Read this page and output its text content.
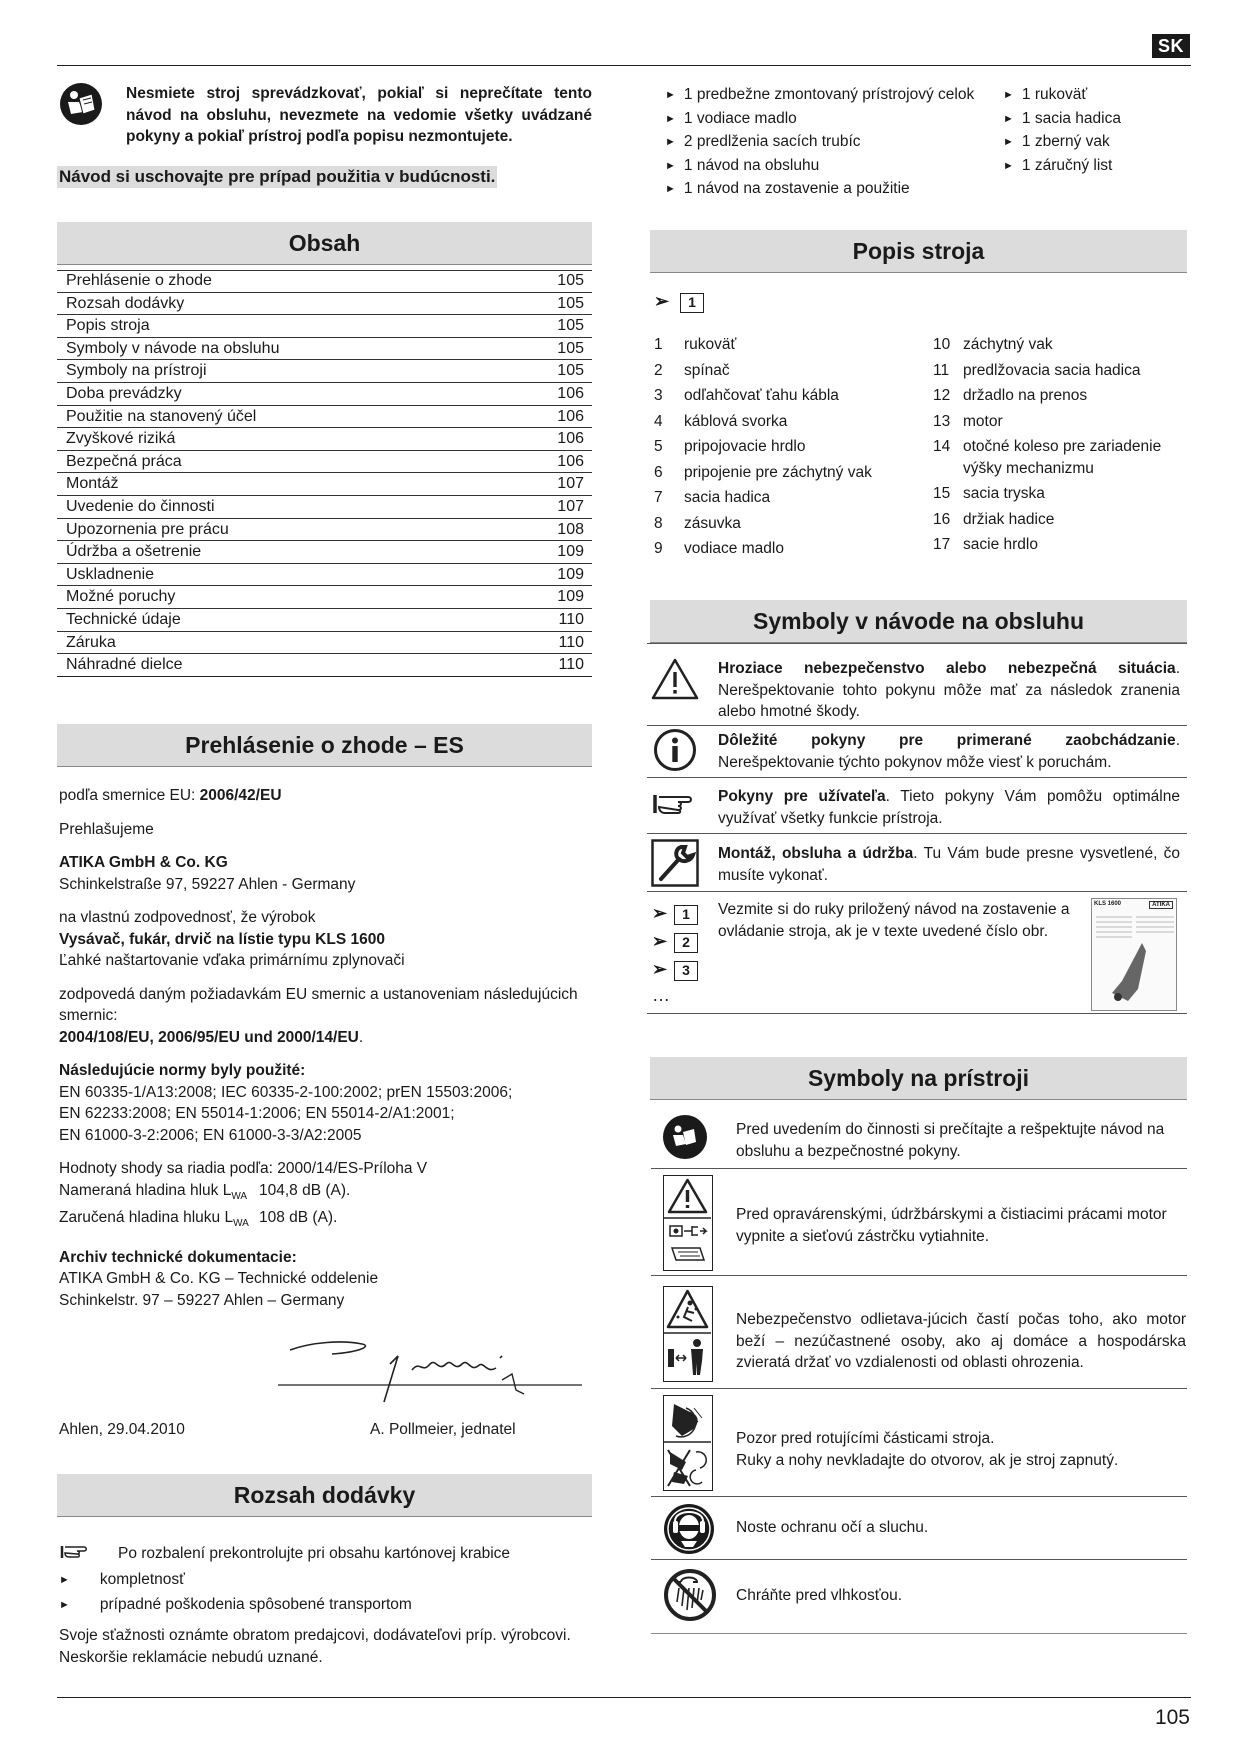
SK
Nesmiete stroj sprevádzkovať, pokiaľ si neprečítate tento návod na obsluhu, nevezmete na vedomie všetky uvádzané pokyny a pokiaľ prístroj podľa popisu nezmontujete.
Návod si uschovajte pre prípad použitia v budúcnosti.
Obsah
Prehlásenie o zhode	105
Rozsah dodávky	105
Popis stroja	105
Symboly v návode na obsluhu	105
Symboly na prístroji	105
Doba prevádzky	106
Použitie na stanovený účel	106
Zvyškové riziká	106
Bezpečná práca	106
Montáž	107
Uvedenie do činnosti	107
Upozornenia pre prácu	108
Údržba a ošetrenie	109
Uskladnenie	109
Možné poruchy	109
Technické údaje	110
Záruka	110
Náhradné dielce	110
Prehlásenie o zhode – ES

podľa smernice EU: 2006/42/EU

Prehlašujeme

ATIKA GmbH & Co. KG

Schinkelstraße 97, 59227 Ahlen - Germany

na vlastnú zodpovednosť, že výrobok

Vysávač, fukár, drvič na lístie typu KLS 1600

Ľahké naštartovanie vďaka primárnímu zplynovači

zodpovedá daným požiadavkám EU smernic a ustanoveniam následujúcich

smernic:

2004/108/EU, 2006/95/EU und 2000/14/EU.

Následujúcie normy byly použité:

EN 60335-1/A13:2008; IEC 60335-2-100:2002; prEN 15503:2006;

EN 62233:2008; EN 55014-1:2006; EN 55014-2/A1:2001;

EN 61000-3-2:2006; EN 61000-3-3/A2:2005

Hodnoty shody sa riadia podľa: 2000/14/ES-Príloha V

Nameraná hladina hluk $L_{WA}$ 104,8 dB (A).

Zaručená hladina hluku $L_{WA}$ 108 dB (A).

Archiv technické dokumentacie:

ATIKA GmbH & Co. KG – Technické oddelenie

Schinkelstr. 97 – 59227 Ahlen – Germany

Ahlen, 29.04.2010	A. Pollmeier, jednatel
Rozsah dodávky
Po rozbalení prekontrolujte pri obsahu kartónovej krabice

► kompletnosť

► prípadné poškodenia spôsobené transportom

Svoje sťažnosti oznámte obratom predajcovi, dodávateľovi príp. výrobcovi.

Neskoršie reklamácie nebudú uznané.

► 1 predbežne zmontovaný prístrojový celok

► 1 vodiace madlo

► 2 predlženia sacích trubíc

► 1 návod na obsluhu

► 1 návod na zostavenie a použitie

► 1 rukoväť

► 1 sacia hadica

► 1 zberný vak

► 1 záručný list

Popis stroja
➢ 1
1 rukoväť
2 spínač
3 odľahčovať ťahu kábla
4 káblová svorka
5 pripojovacie hrdlo
6 pripojenie pre záchytný vak
7 sacia hadica
8 zásuvka
9 vodiace madlo
10 záchytný vak
11 predlžovacia sacia hadica
12 držadlo na prenos
13 motor
14 otočné koleso pre zariadenie
výšky mechanizmu
15 sacia tryska
16 držiak hadice
17 sacie hrdlo
Symboly v návode na obsluhu

Hroziace nebezpečenstvo alebo nebezpečná situácia.

Nerešpektovanie tohto pokynu môže mať za následok zranenia

alebo hmotné škody.

Dôležité pokyny pre primerané zaobchádzanie.

Nerešpektovanie týchto pokynov môže viesť k poruchám.

Pokyny pre užívateľa. Tieto pokyny Vám pomôžu optimálne

využívať všetky funkcie prístroja.

Montáž, obsluha a údržba. Tu Vám bude presne vysvetlené, čo

musíte vykonať.

➢ 1

➢ 2

➢ 3

…

Vezmite si do ruky priložený návod na zostavenie a

ovládanie stroja, ak je v texte uvedené číslo obr.

KLS 1600	ATIKA
Symboly na prístroji

Pred uvedením do činnosti si prečítajte a rešpektujte návod na

obsluhu a bezpečnostné pokyny.

Pred opravárenskými, údržbárskymi a čistiacimi prácami motor

vypnite a sieťovú zástrčku vytiahnite.

Nebezpečenstvo odlietava-júcich častí počas toho, ako motor

beží – nezúčastnené osoby, ako aj domáce a hospodárska

zvieratá držať vo vzdialenosti od oblasti ohrozenia.

Pozor pred rotujícími částicami stroja.

Ruky a nohy nevkladajte do otvorov, ak je stroj zapnutý.

Noste ochranu očí a sluchu.

Chráňte pred vlhkosťou.

105
